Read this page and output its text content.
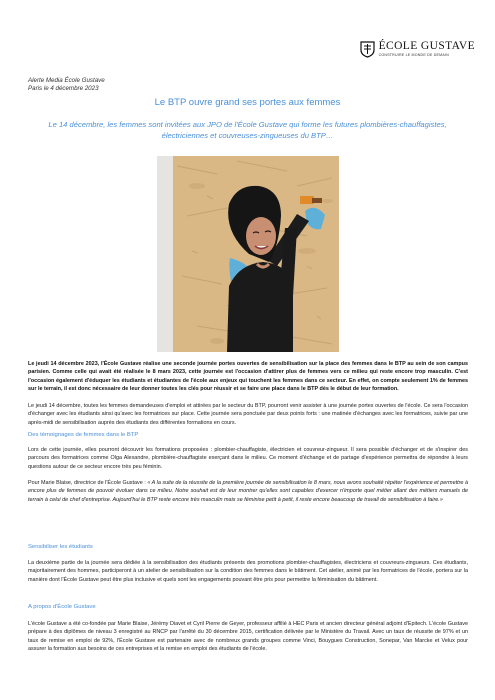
ÉCOLE GUSTAVE
CONSTRUIRE LE MONDE DE DEMAIN
Alerte Media École Gustave
Paris le 4 décembre 2023
Le BTP ouvre grand ses portes aux femmes
Le 14 décembre, les femmes sont invitées aux JPO de l'École Gustave qui forme les futures plombières-chauffagistes, électriciennes et couvreuses-zingueuses du BTP…
Le jeudi 14 décembre 2023, l'École Gustave réalise une seconde journée portes ouvertes de sensibilisation sur la place des femmes dans le BTP au sein de son campus parisien. Comme celle qui avait été réalisée le 8 mars 2023, cette journée est l'occasion d'attirer plus de femmes vers ce milieu qui reste encore trop masculin. C'est l'occasion également d'éduquer les étudiants et étudiantes de l'école aux enjeux qui touchent les femmes dans ce secteur. En effet, on compte seulement 1% de femmes sur le terrain, il est donc nécessaire de leur donner toutes les clés pour réussir et se faire une place dans le BTP dès le début de leur formation.
Le jeudi 14 décembre, toutes les femmes demandeuses d'emploi et attirées par le secteur du BTP, pourront venir assister à une journée portes ouvertes de l'école. Ce sera l'occasion d'échanger avec les étudiants ainsi qu'avec les formatrices sur place. Cette journée sera ponctuée par deux points forts : une matinée d'échanges avec les formatrices, suivie par une après-midi de sensibilisation auprès des étudiants des différentes formations en cours.
Des témoignages de femmes dans le BTP
Lors de cette journée, elles pourront découvrir les formations proposées : plombier-chauffagiste, électricien et couvreur-zingueur. Il sera possible d'échanger et de s'inspirer des parcours des formatrices comme Olga Alexandre, plombière-chauffagiste exerçant dans le milieu. Ce moment d'échange et de partage d'expérience permettra de répondre à leurs questions autour de ce secteur encore très peu féminin.
Pour Marie Blaise, directrice de l'École Gustave : « A la suite de la réussite de la première journée de sensibilisation le 8 mars, nous avons souhaité répéter l'expérience et permettre à encore plus de femmes de pouvoir évoluer dans ce milieu. Notre souhait est de leur montrer qu'elles sont capables d'exercer n'importe quel métier allant des métiers manuels de terrain à celui de chef d'entreprise. Aujourd'hui le BTP reste encore très masculin mais se féminise petit à petit, il reste encore beaucoup de travail de sensibilisation à faire.»
Sensibiliser les étudiants
La deuxième partie de la journée sera dédiée à la sensibilisation des étudiants présents des promotions plombier-chauffagistes, électriciens et couvreurs-zingueurs. Ces étudiants, majoritairement des hommes, participeront à un atelier de sensibilisation sur la condition des femmes dans le bâtiment. Cet atelier, animé par les formatrices de l'école, portera sur la manière dont l'École Gustave peut être plus inclusive et quels sont les engagements pouvant être pris pour permettre la féminisation du bâtiment.
A propos d'École Gustave
L'école Gustave a été co-fondée par Marie Blaise, Jérémy Diavet et Cyril Pierre de Geyer, professeur affilié à HEC Paris et ancien directeur général adjoint d'Epitech. L'école Gustave prépare à des diplômes de niveau 3 enregistré au RNCP par l'arrêté du 30 décembre 2015, certification délivrée par le Ministère du Travail. Avec un taux de réussite de 97% et un taux de remise en emploi de 92%, l'École Gustave est partenaire avec de nombreux grands groupes comme Vinci, Bouygues Construction, Sonepar, Van Marcke et Velux pour assurer la formation aux besoins de ces entreprises et la remise en emploi des étudiants de l'école.
